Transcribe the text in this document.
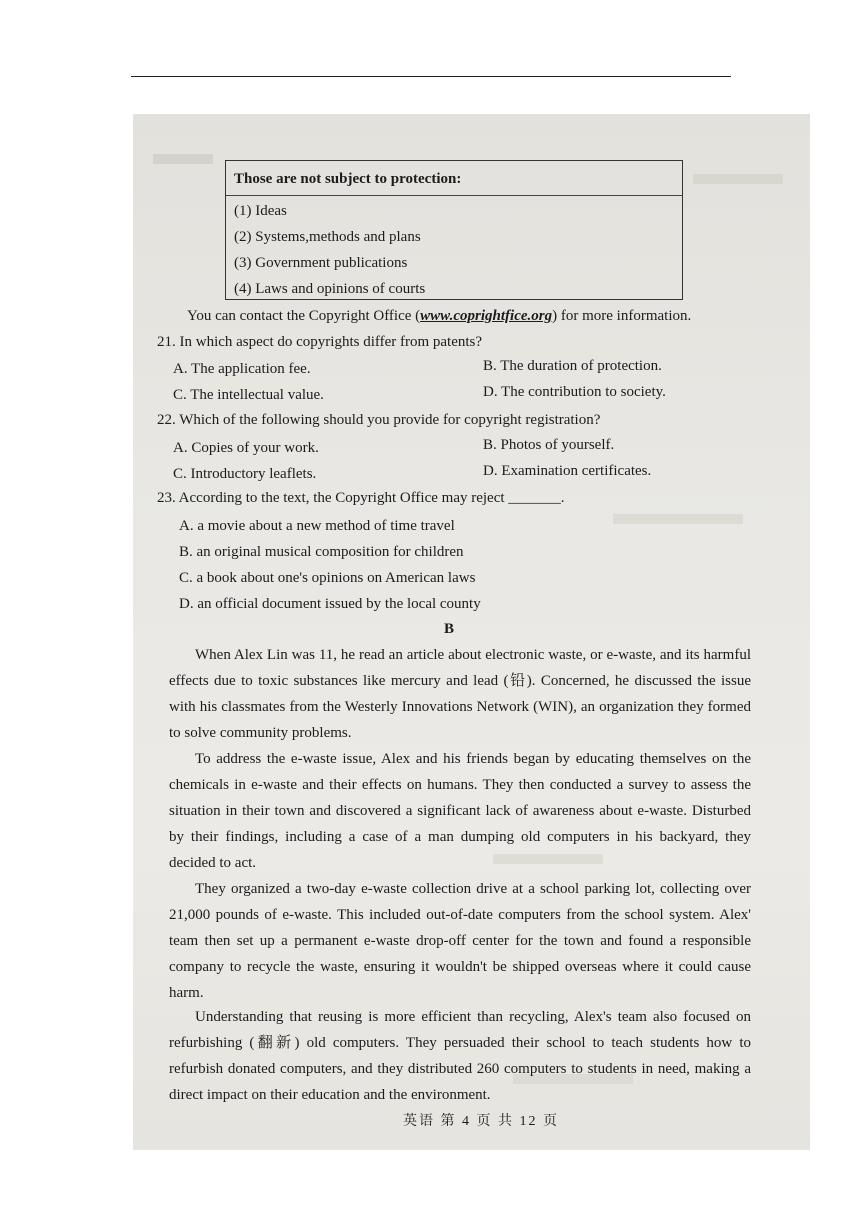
Those are not subject to protection:
(1) Ideas
(2) Systems,methods and plans
(3) Government publications
(4) Laws and opinions of courts
You can contact the Copyright Office (www.coprightfice.org) for more information.
21. In which aspect do copyrights differ from patents?
A. The application fee.	B. The duration of protection.
C. The intellectual value.	D. The contribution to society.
22. Which of the following should you provide for copyright registration?
A. Copies of your work.	B. Photos of yourself.
C. Introductory leaflets.	D. Examination certificates.
23. According to the text, the Copyright Office may reject _______.
A. a movie about a new method of time travel
B. an original musical composition for children
C. a book about one's opinions on American laws
D. an official document issued by the local county
B
When Alex Lin was 11, he read an article about electronic waste, or e-waste, and its harmful effects due to toxic substances like mercury and lead (铅). Concerned, he discussed the issue with his classmates from the Westerly Innovations Network (WIN), an organization they formed to solve community problems.
To address the e-waste issue, Alex and his friends began by educating themselves on the chemicals in e-waste and their effects on humans. They then conducted a survey to assess the situation in their town and discovered a significant lack of awareness about e-waste. Disturbed by their findings, including a case of a man dumping old computers in his backyard, they decided to act.
They organized a two-day e-waste collection drive at a school parking lot, collecting over 21,000 pounds of e-waste. This included out-of-date computers from the school system. Alex' team then set up a permanent e-waste drop-off center for the town and found a responsible company to recycle the waste, ensuring it wouldn't be shipped overseas where it could cause harm.
Understanding that reusing is more efficient than recycling, Alex's team also focused on refurbishing (翻新) old computers. They persuaded their school to teach students how to refurbish donated computers, and they distributed 260 computers to students in need, making a direct impact on their education and the environment.
英语 第 4 页 共 12 页
